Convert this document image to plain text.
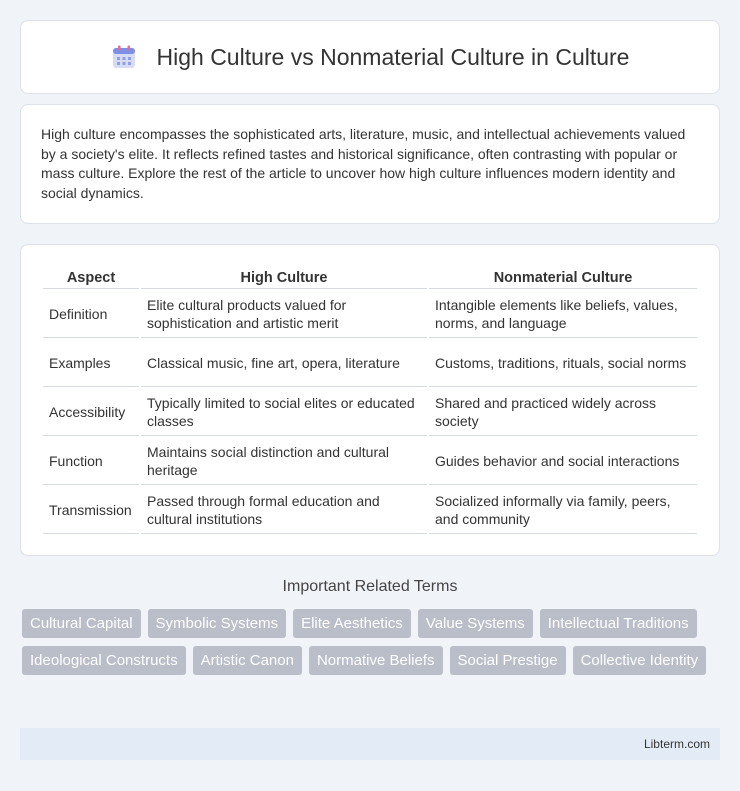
High Culture vs Nonmaterial Culture in Culture

High culture encompasses the sophisticated arts, literature, music, and intellectual achievements valued by a society's elite. It reflects refined tastes and historical significance, often contrasting with popular or mass culture. Explore the rest of the article to uncover how high culture influences modern identity and social dynamics.

Aspect	High Culture	Nonmaterial Culture
Definition	Elite cultural products valued for sophistication and artistic merit	Intangible elements like beliefs, values, norms, and language
Examples	Classical music, fine art, opera, literature	Customs, traditions, rituals, social norms
Accessibility	Typically limited to social elites or educated classes	Shared and practiced widely across society
Function	Maintains social distinction and cultural heritage	Guides behavior and social interactions
Transmission	Passed through formal education and cultural institutions	Socialized informally via family, peers, and community
Important Related Terms
Cultural Capital	Symbolic Systems	Elite Aesthetics	Value Systems	Intellectual Traditions
Ideological Constructs	Artistic Canon	Normative Beliefs	Social Prestige	Collective Identity
Libterm.com
